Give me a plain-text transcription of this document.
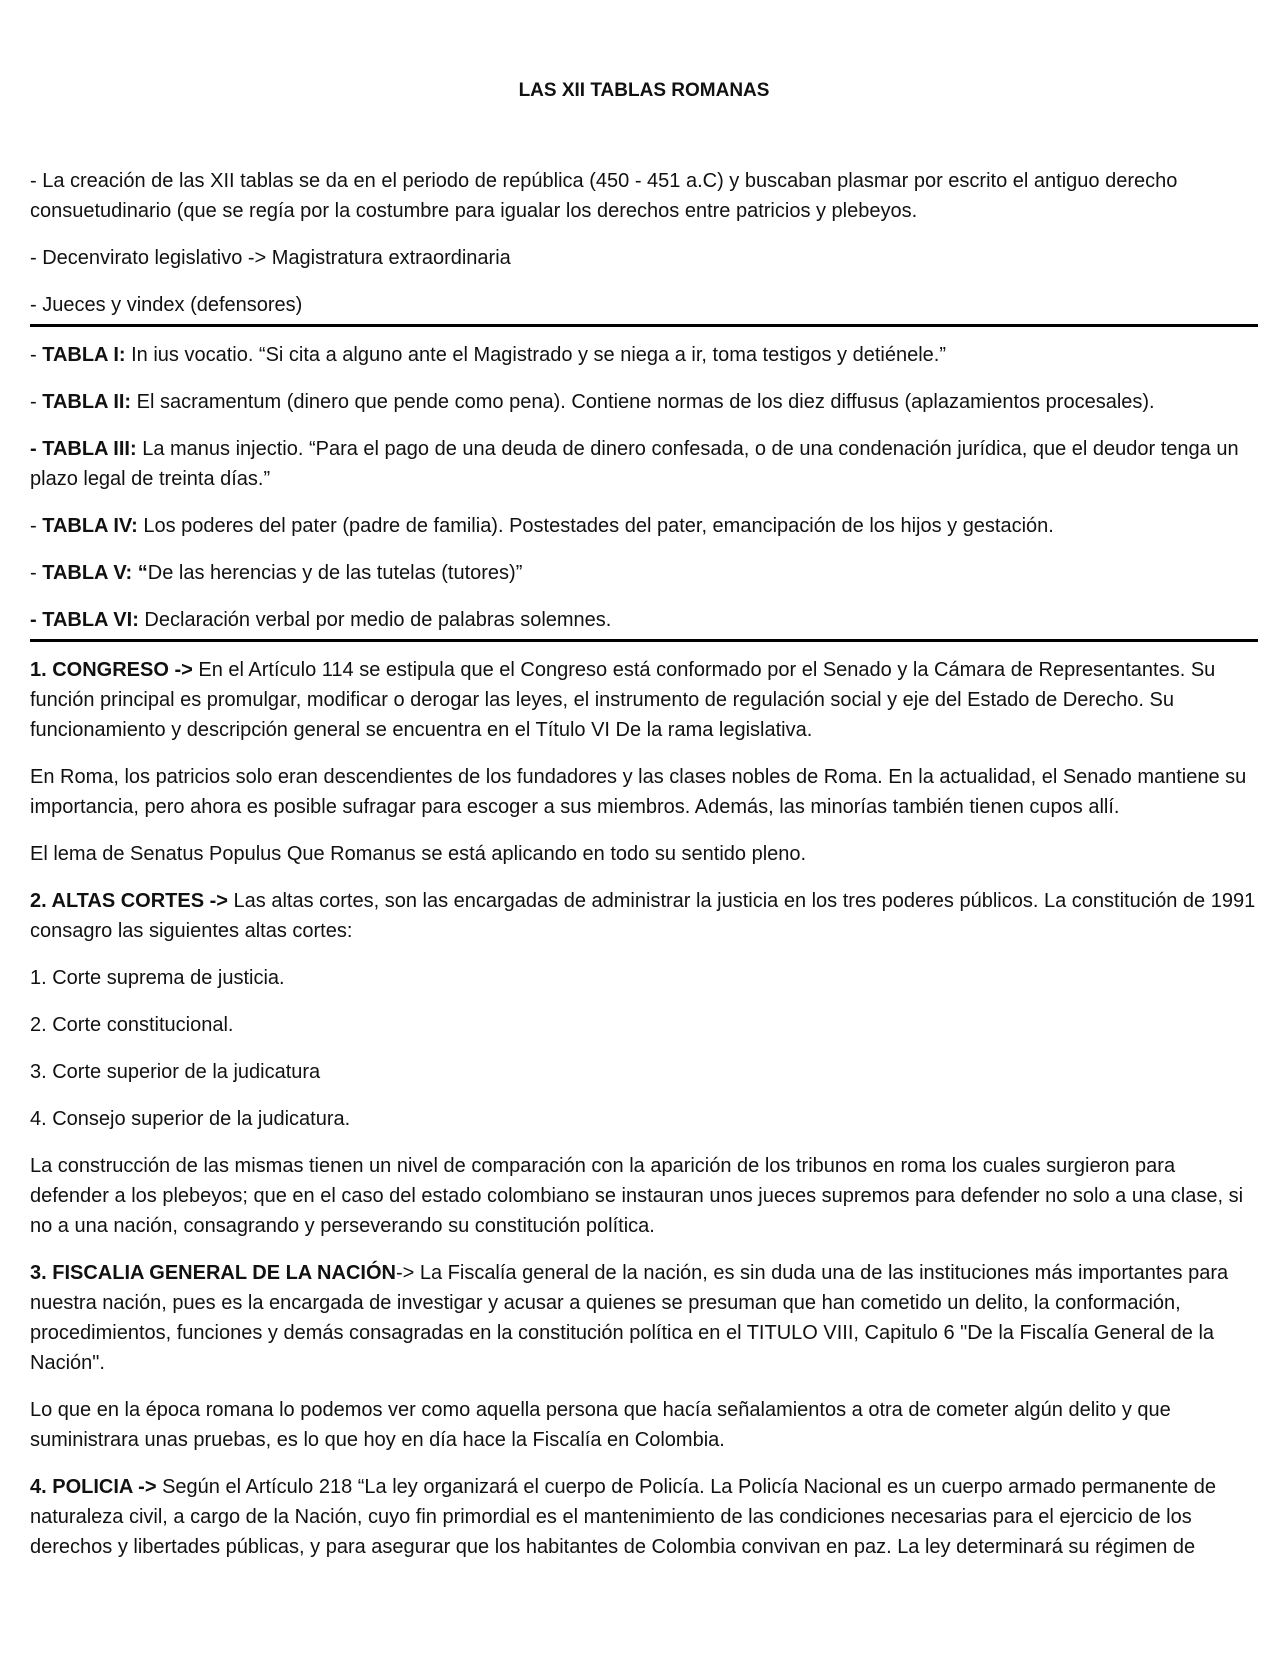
LAS XII TABLAS ROMANAS

- La creación de las XII tablas se da en el periodo de república (450 - 451 a.C) y buscaban plasmar por escrito el antiguo derecho consuetudinario (que se regía por la costumbre para igualar los derechos entre patricios y plebeyos.

- Decenvirato legislativo -> Magistratura extraordinaria

- Jueces y vindex (defensores)

- TABLA I: In ius vocatio. “Si cita a alguno ante el Magistrado y se niega a ir, toma testigos y detiénele.”

- TABLA II: El sacramentum (dinero que pende como pena). Contiene normas de los diez diffusus (aplazamientos procesales).

- TABLA III: La manus injectio. “Para el pago de una deuda de dinero confesada, o de una condenación jurídica, que el deudor tenga un plazo legal de treinta días.”

- TABLA IV: Los poderes del pater (padre de familia). Postestades del pater, emancipación de los hijos y gestación.

- TABLA V: “De las herencias y de las tutelas (tutores)”

- TABLA VI: Declaración verbal por medio de palabras solemnes.

1. CONGRESO -> En el Artículo 114 se estipula que el Congreso está conformado por el Senado y la Cámara de Representantes. Su función principal es promulgar, modificar o derogar las leyes, el instrumento de regulación social y eje del Estado de Derecho. Su funcionamiento y descripción general se encuentra en el Título VI De la rama legislativa.

En Roma, los patricios solo eran descendientes de los fundadores y las clases nobles de Roma. En la actualidad, el Senado mantiene su importancia, pero ahora es posible sufragar para escoger a sus miembros. Además, las minorías también tienen cupos allí.

El lema de Senatus Populus Que Romanus se está aplicando en todo su sentido pleno.

2. ALTAS CORTES -> Las altas cortes, son las encargadas de administrar la justicia en los tres poderes públicos. La constitución de 1991 consagro las siguientes altas cortes:

1. Corte suprema de justicia.

2. Corte constitucional.

3. Corte superior de la judicatura

4. Consejo superior de la judicatura.

La construcción de las mismas tienen un nivel de comparación con la aparición de los tribunos en roma los cuales surgieron para defender a los plebeyos; que en el caso del estado colombiano se instauran unos jueces supremos para defender no solo a una clase, si no a una nación, consagrando y perseverando su constitución política.

3. FISCALIA GENERAL DE LA NACIÓN-> La Fiscalía general de la nación, es sin duda una de las instituciones más importantes para nuestra nación, pues es la encargada de investigar y acusar a quienes se presuman que han cometido un delito, la conformación, procedimientos, funciones y demás consagradas en la constitución política en el TITULO VIII, Capitulo 6 "De la Fiscalía General de la Nación".

Lo que en la época romana lo podemos ver como aquella persona que hacía señalamientos a otra de cometer algún delito y que suministrara unas pruebas, es lo que hoy en día hace la Fiscalía en Colombia.

4. POLICIA -> Según el Artículo 218 “La ley organizará el cuerpo de Policía. La Policía Nacional es un cuerpo armado permanente de naturaleza civil, a cargo de la Nación, cuyo fin primordial es el mantenimiento de las condiciones necesarias para el ejercicio de los derechos y libertades públicas, y para asegurar que los habitantes de Colombia convivan en paz. La ley determinará su régimen de
